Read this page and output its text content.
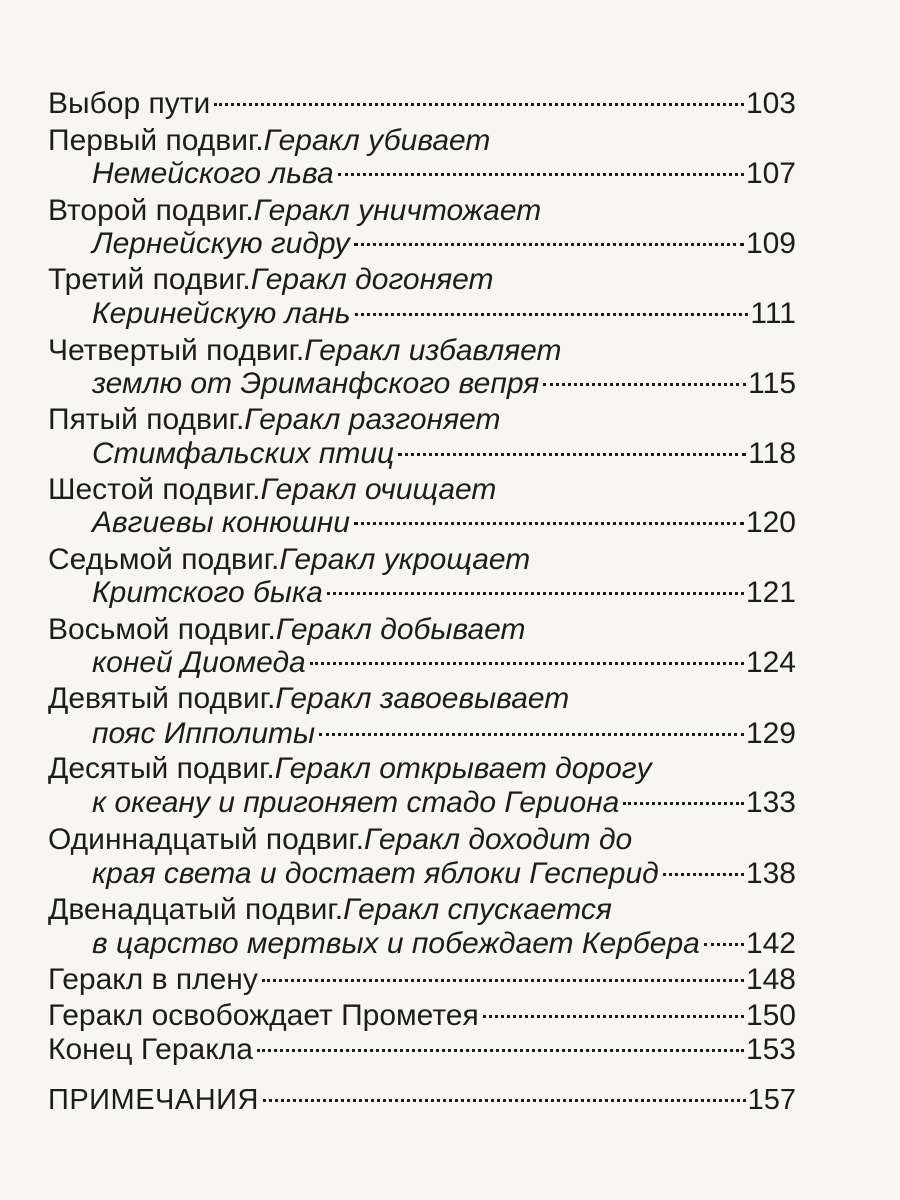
Выбор пути	103
Первый подвиг. Геракл убивает
Немейского льва	107
Второй подвиг. Геракл уничтожает
Лернейскую гидру	109
Третий подвиг. Геракл догоняет
Керинейскую лань	111
Четвертый подвиг. Геракл избавляет
землю от Эриманфского вепря	115
Пятый подвиг. Геракл разгоняет
Стимфальских птиц	118
Шестой подвиг. Геракл очищает
Авгиевы конюшни	120
Седьмой подвиг. Геракл укрощает
Критского быка	121
Восьмой подвиг. Геракл добывает
коней Диомеда	124
Девятый подвиг. Геракл завоевывает
пояс Ипполиты	129
Десятый подвиг. Геракл открывает дорогу
к океану и пригоняет стадо Гериона	133
Одиннадцатый подвиг. Геракл доходит до
края света и достает яблоки Гесперид	138
Двенадцатый подвиг. Геракл спускается
в царство мертвых и побеждает Кербера 142
Геракл в плену	148
Геракл освобождает Прометея	150
Конец Геракла	153
ПРИМЕЧАНИЯ	157
